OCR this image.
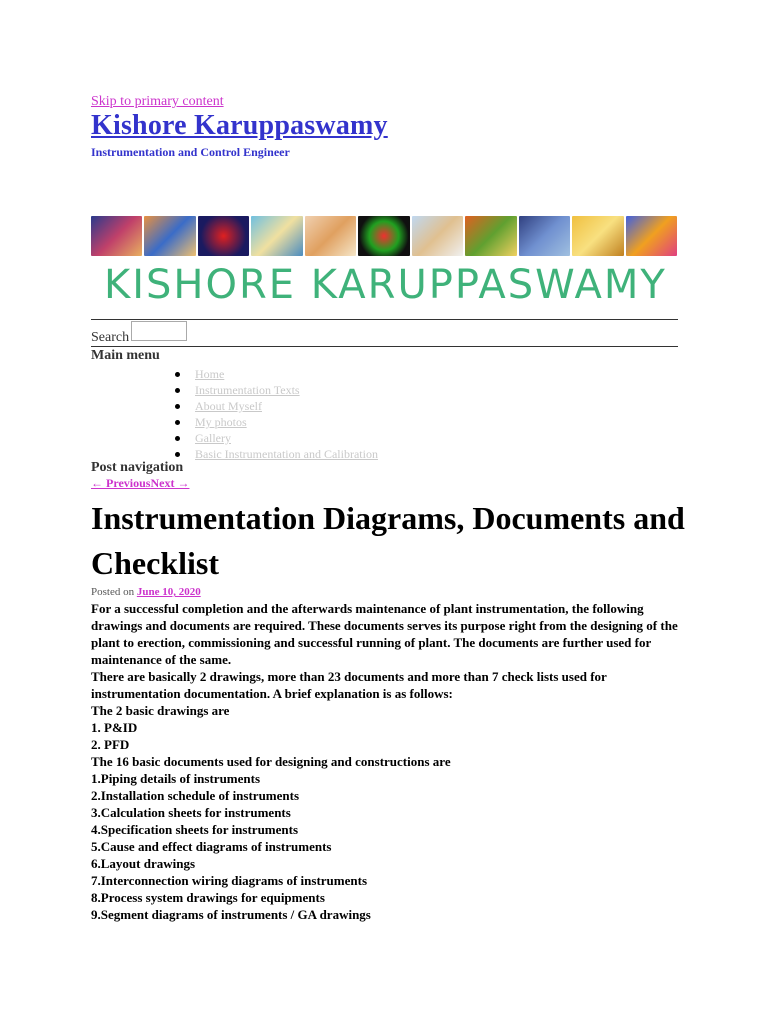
Skip to primary content
Kishore Karuppaswamy
Instrumentation and Control Engineer
KISHORE KARUPPASWAMY
Search
Main menu
Home
Instrumentation Texts
About Myself
My photos
Gallery
Basic Instrumentation and Calibration
Post navigation
← PreviousNext →
Instrumentation Diagrams, Documents and Checklist
Posted on June 10, 2020

For a successful completion and the afterwards maintenance of plant instrumentation, the following drawings and documents are required. These documents serves its purpose right from the designing of the plant to erection, commissioning and successful running of plant. The documents are further used for maintenance of the same.

There are basically 2 drawings, more than 23 documents and more than 7 check lists used for instrumentation documentation. A brief explanation is as follows:

The 2 basic drawings are

1. P&ID

2. PFD

The 16 basic documents used for designing and constructions are

1.Piping details of instruments

2.Installation schedule of instruments

3.Calculation sheets for instruments

4.Specification sheets for instruments

5.Cause and effect diagrams of instruments

6.Layout drawings

7.Interconnection wiring diagrams of instruments

8.Process system drawings for equipments

9.Segment diagrams of instruments / GA drawings
